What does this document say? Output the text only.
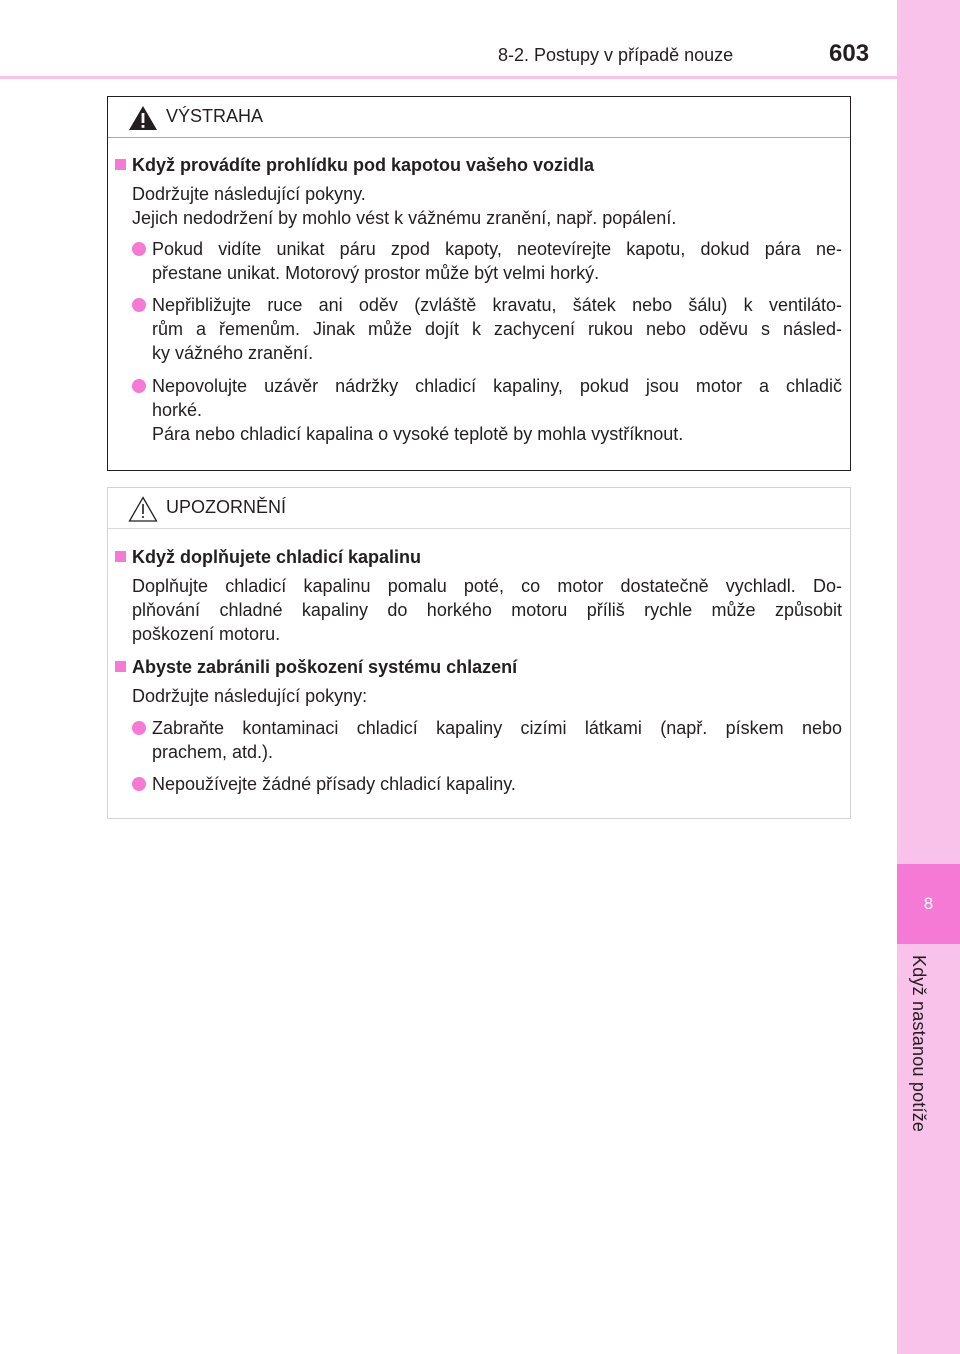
8
Když nastanou potíže
8-2. Postupy v případě nouze	603
VÝSTRAHA
Když provádíte prohlídku pod kapotou vašeho vozidla
Dodržujte následující pokyny.
Jejich nedodržení by mohlo vést k vážnému zranění, např. popálení.
Pokud vidíte unikat páru zpod kapoty, neotevírejte kapotu, dokud pára ne-
přestane unikat. Motorový prostor může být velmi horký.
Nepřibližujte ruce ani oděv (zvláště kravatu, šátek nebo šálu) k ventiláto-
rům a řemenům. Jinak může dojít k zachycení rukou nebo oděvu s násled-
ky vážného zranění.
Nepovolujte uzávěr nádržky chladicí kapaliny, pokud jsou motor a chladič
horké.
Pára nebo chladicí kapalina o vysoké teplotě by mohla vystříknout.
UPOZORNĚNÍ
Když doplňujete chladicí kapalinu
Doplňujte chladicí kapalinu pomalu poté, co motor dostatečně vychladl. Do-
plňování chladné kapaliny do horkého motoru příliš rychle může způsobit
poškození motoru.
Abyste zabránili poškození systému chlazení
Dodržujte následující pokyny:
Zabraňte kontaminaci chladicí kapaliny cizími látkami (např. pískem nebo
prachem, atd.).
Nepoužívejte žádné přísady chladicí kapaliny.
